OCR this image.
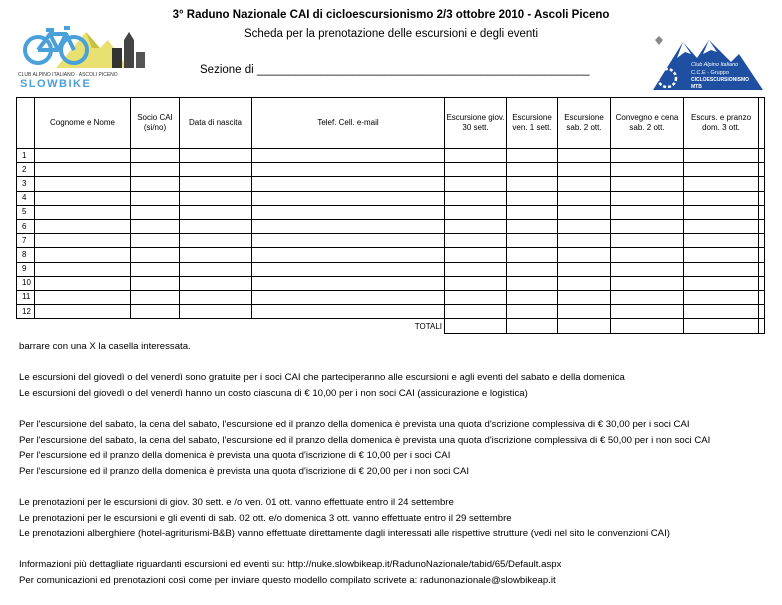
CLUB ALPINO ITALIANO · ASCOLI PICENO
SLOWBIKE
3° Raduno Nazionale CAI di cicloescursionismo 2/3 ottobre 2010 - Ascoli Piceno
Scheda per la prenotazione delle escursioni e degli eventi
Sezione di ____________________________________________________	Club Alpino Italiano
C.C.E - Gruppo
CICLOESCURSIONISMO
MTB
	Cognome e Nome	Socio CAI (si/no)	Data di nascita	Telef. Cell. e-mail	Escursione giov. 30 sett.	Escursione ven. 1 sett.	Escursione sab. 2 ott.	Convegno e cena sab. 2 ott.	Escurs. e pranzo dom. 3 ott.	
1										
2										
3										
4										
5										
6										
7										
8										
9										
10										
11										
12										
TOTALI										

barrare con una X la casella interessata.

Le escursioni del giovedì o del venerdì sono gratuite per i soci CAI che parteciperanno alle escursioni e agli eventi del sabato e della domenica

Le escursioni del giovedì o del venerdì hanno un costo ciascuna di € 10,00 per i non soci CAI (assicurazione e logistica)

Per l'escursione del sabato, la cena del sabato, l'escursione ed il pranzo della domenica è prevista una quota d'scrizione complessiva di € 30,00 per i soci CAI

Per l'escursione del sabato, la cena del sabato, l'escursione ed il pranzo della domenica è prevista una quota d'iscrizione complessiva di € 50,00 per i non soci CAI

Per l'escursione ed il pranzo della domenica è prevista una quota d'iscrizione di € 10,00 per i soci CAI

Per l'escursione ed il pranzo della domenica è prevista una quota d'iscrizione di € 20,00 per i non soci CAI

Le prenotazioni per le escursioni di giov. 30 sett. e /o ven. 01 ott. vanno effettuate entro il 24 settembre

Le prenotazioni per le escursioni e gli eventi di sab. 02 ott. e/o domenica 3 ott. vanno effettuate entro il 29 settembre

Le prenotazioni alberghiere (hotel-agriturismi-B&B) vanno effettuate direttamente dagli interessati alle rispettive strutture (vedi nel sito le convenzioni CAI)

Informazioni più dettagliate riguardanti escursioni ed eventi su: http://nuke.slowbikeap.it/RadunoNazionale/tabid/65/Default.aspx

Per comunicazioni ed prenotazioni così come per inviare questo modello compilato scrivete a: radunonazionale@slowbikeap.it
